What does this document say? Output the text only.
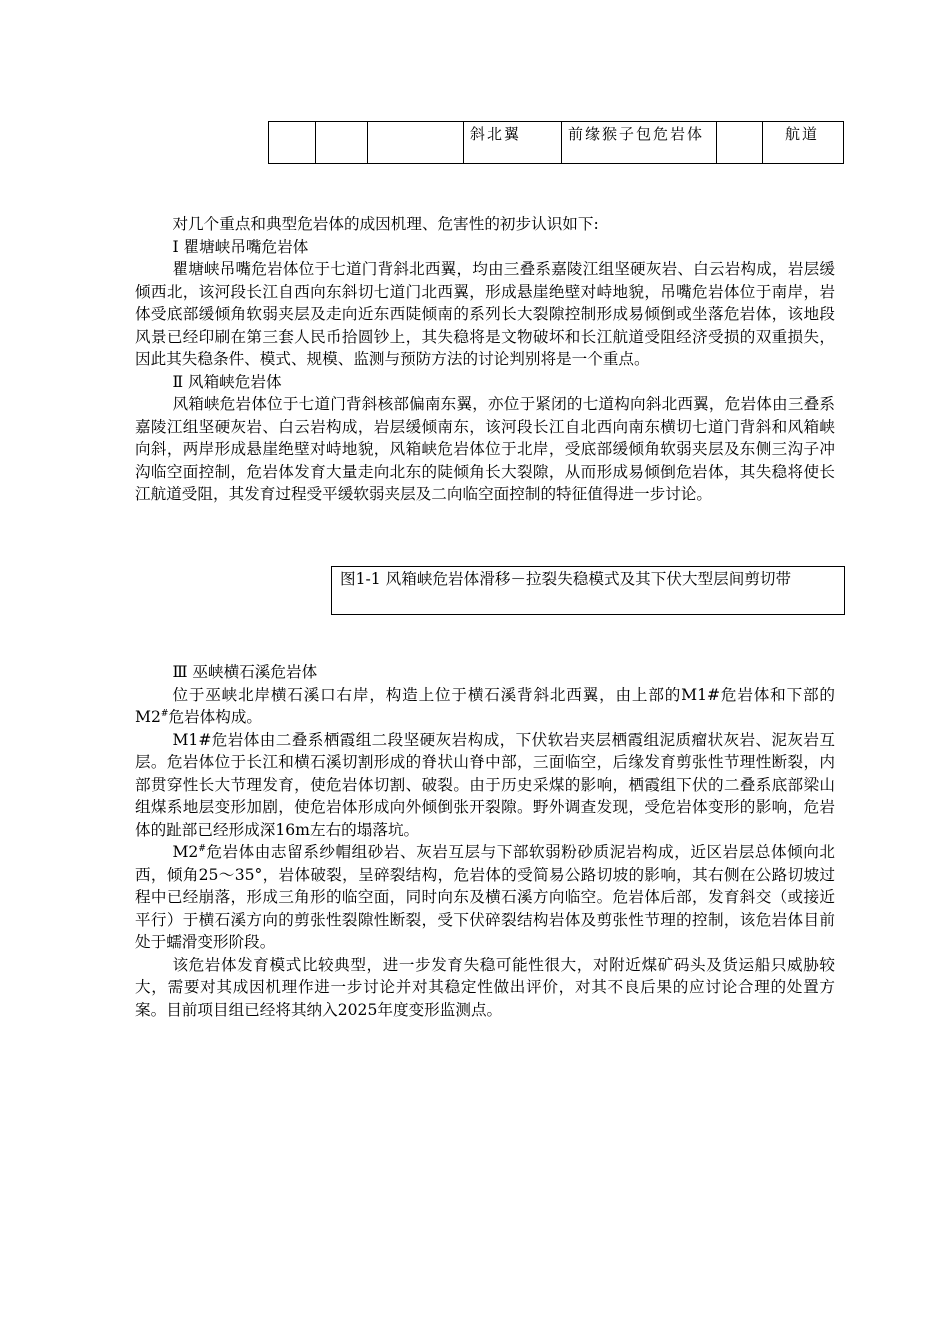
			斜北翼	前缘猴子包危岩体		航道

对几个重点和典型危岩体的成因机理、危害性的初步认识如下:

Ⅰ 瞿塘峡吊嘴危岩体

瞿塘峡吊嘴危岩体位于七道门背斜北西翼，均由三叠系嘉陵江组坚硬灰岩、白云岩构成，岩层缓倾西北，该河段长江自西向东斜切七道门北西翼，形成悬崖绝壁对峙地貌，吊嘴危岩体位于南岸，岩体受底部缓倾角软弱夹层及走向近东西陡倾南的系列长大裂隙控制形成易倾倒或坐落危岩体，该地段风景已经印刷在第三套人民币拾圆钞上，其失稳将是文物破坏和长江航道受阻经济受损的双重损失，因此其失稳条件、模式、规模、监测与预防方法的讨论判别将是一个重点。

Ⅱ 风箱峡危岩体

风箱峡危岩体位于七道门背斜核部偏南东翼，亦位于紧闭的七道构向斜北西翼，危岩体由三叠系嘉陵江组坚硬灰岩、白云岩构成，岩层缓倾南东，该河段长江自北西向南东横切七道门背斜和风箱峡向斜，两岸形成悬崖绝壁对峙地貌，风箱峡危岩体位于北岸，受底部缓倾角软弱夹层及东侧三沟子冲沟临空面控制，危岩体发育大量走向北东的陡倾角长大裂隙，从而形成易倾倒危岩体，其失稳将使长江航道受阻，其发育过程受平缓软弱夹层及二向临空面控制的特征值得进一步讨论。

图1-1 风箱峡危岩体滑移－拉裂失稳模式及其下伏大型层间剪切带

Ⅲ 巫峡横石溪危岩体

位于巫峡北岸横石溪口右岸，构造上位于横石溪背斜北西翼，由上部的M1#危岩体和下部的M2#危岩体构成。

M1#危岩体由二叠系栖霞组二段坚硬灰岩构成，下伏软岩夹层栖霞组泥质瘤状灰岩、泥灰岩互层。危岩体位于长江和横石溪切割形成的脊状山脊中部，三面临空，后缘发育剪张性节理性断裂，内部贯穿性长大节理发育，使危岩体切割、破裂。由于历史采煤的影响，栖霞组下伏的二叠系底部梁山组煤系地层变形加剧，使危岩体形成向外倾倒张开裂隙。野外调查发现，受危岩体变形的影响，危岩体的趾部已经形成深16m左右的塌落坑。

M2#危岩体由志留系纱帽组砂岩、灰岩互层与下部软弱粉砂质泥岩构成，近区岩层总体倾向北西，倾角25～35°，岩体破裂，呈碎裂结构，危岩体的受简易公路切坡的影响，其右侧在公路切坡过程中已经崩落，形成三角形的临空面，同时向东及横石溪方向临空。危岩体后部，发育斜交（或接近平行）于横石溪方向的剪张性裂隙性断裂，受下伏碎裂结构岩体及剪张性节理的控制，该危岩体目前处于蠕滑变形阶段。

该危岩体发育模式比较典型，进一步发育失稳可能性很大，对附近煤矿码头及货运船只威胁较大，需要对其成因机理作进一步讨论并对其稳定性做出评价，对其不良后果的应讨论合理的处置方案。目前项目组已经将其纳入2025年度变形监测点。
